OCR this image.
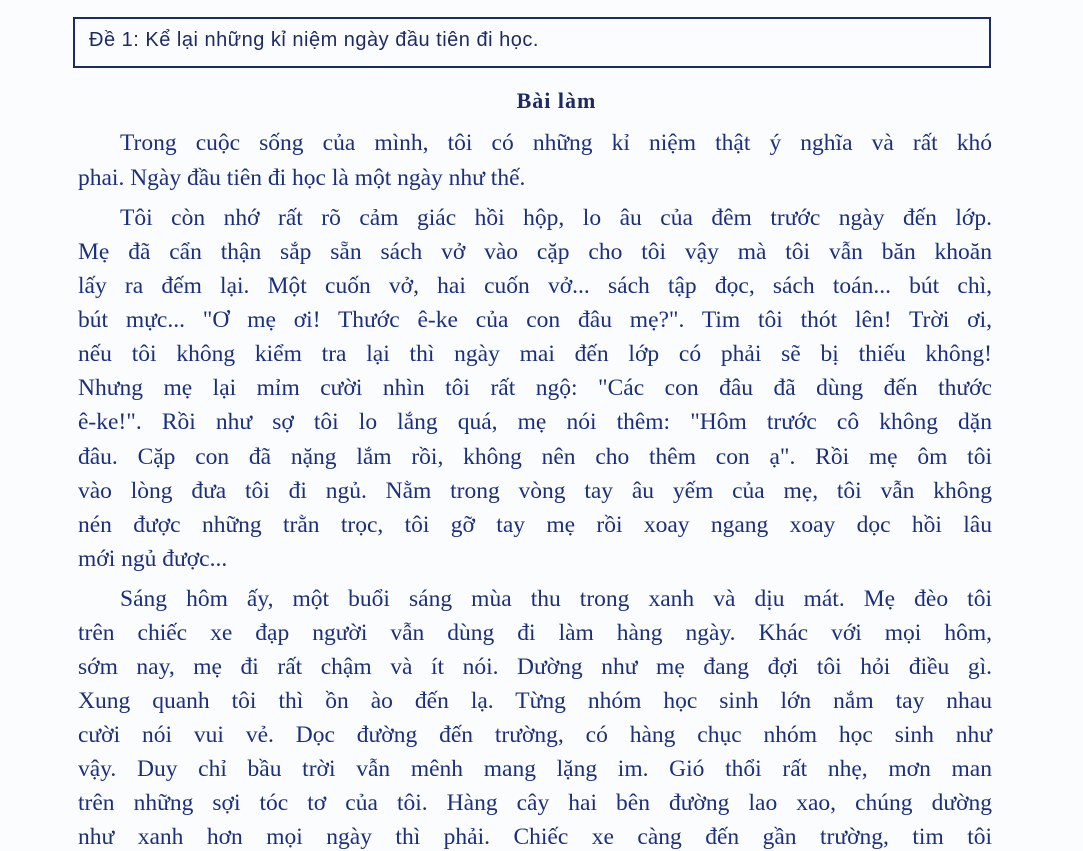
Đề 1: Kể lại những kỉ niệm ngày đầu tiên đi học.
Bài làm
Trong cuộc sống của mình, tôi có những kỉ niệm thật ý nghĩa và rất khó
phai. Ngày đầu tiên đi học là một ngày như thế.
Tôi còn nhớ rất rõ cảm giác hồi hộp, lo âu của đêm trước ngày đến lớp.
Mẹ đã cẩn thận sắp sẵn sách vở vào cặp cho tôi vậy mà tôi vẫn băn khoăn
lấy ra đếm lại. Một cuốn vở, hai cuốn vở... sách tập đọc, sách toán... bút chì,
bút mực... "Ơ mẹ ơi! Thước ê-ke của con đâu mẹ?". Tim tôi thót lên! Trời ơi,
nếu tôi không kiểm tra lại thì ngày mai đến lớp có phải sẽ bị thiếu không!
Nhưng mẹ lại mỉm cười nhìn tôi rất ngộ: "Các con đâu đã dùng đến thước
ê-ke!". Rồi như sợ tôi lo lắng quá, mẹ nói thêm: "Hôm trước cô không dặn
đâu. Cặp con đã nặng lắm rồi, không nên cho thêm con ạ". Rồi mẹ ôm tôi
vào lòng đưa tôi đi ngủ. Nằm trong vòng tay âu yếm của mẹ, tôi vẫn không
nén được những trằn trọc, tôi gỡ tay mẹ rồi xoay ngang xoay dọc hồi lâu
mới ngủ được...
Sáng hôm ấy, một buổi sáng mùa thu trong xanh và dịu mát. Mẹ đèo tôi
trên chiếc xe đạp người vẫn dùng đi làm hàng ngày. Khác với mọi hôm,
sớm nay, mẹ đi rất chậm và ít nói. Dường như mẹ đang đợi tôi hỏi điều gì.
Xung quanh tôi thì ồn ào đến lạ. Từng nhóm học sinh lớn nắm tay nhau
cười nói vui vẻ. Dọc đường đến trường, có hàng chục nhóm học sinh như
vậy. Duy chỉ bầu trời vẫn mênh mang lặng im. Gió thổi rất nhẹ, mơn man
trên những sợi tóc tơ của tôi. Hàng cây hai bên đường lao xao, chúng dường
như xanh hơn mọi ngày thì phải. Chiếc xe càng đến gần trường, tim tôi
